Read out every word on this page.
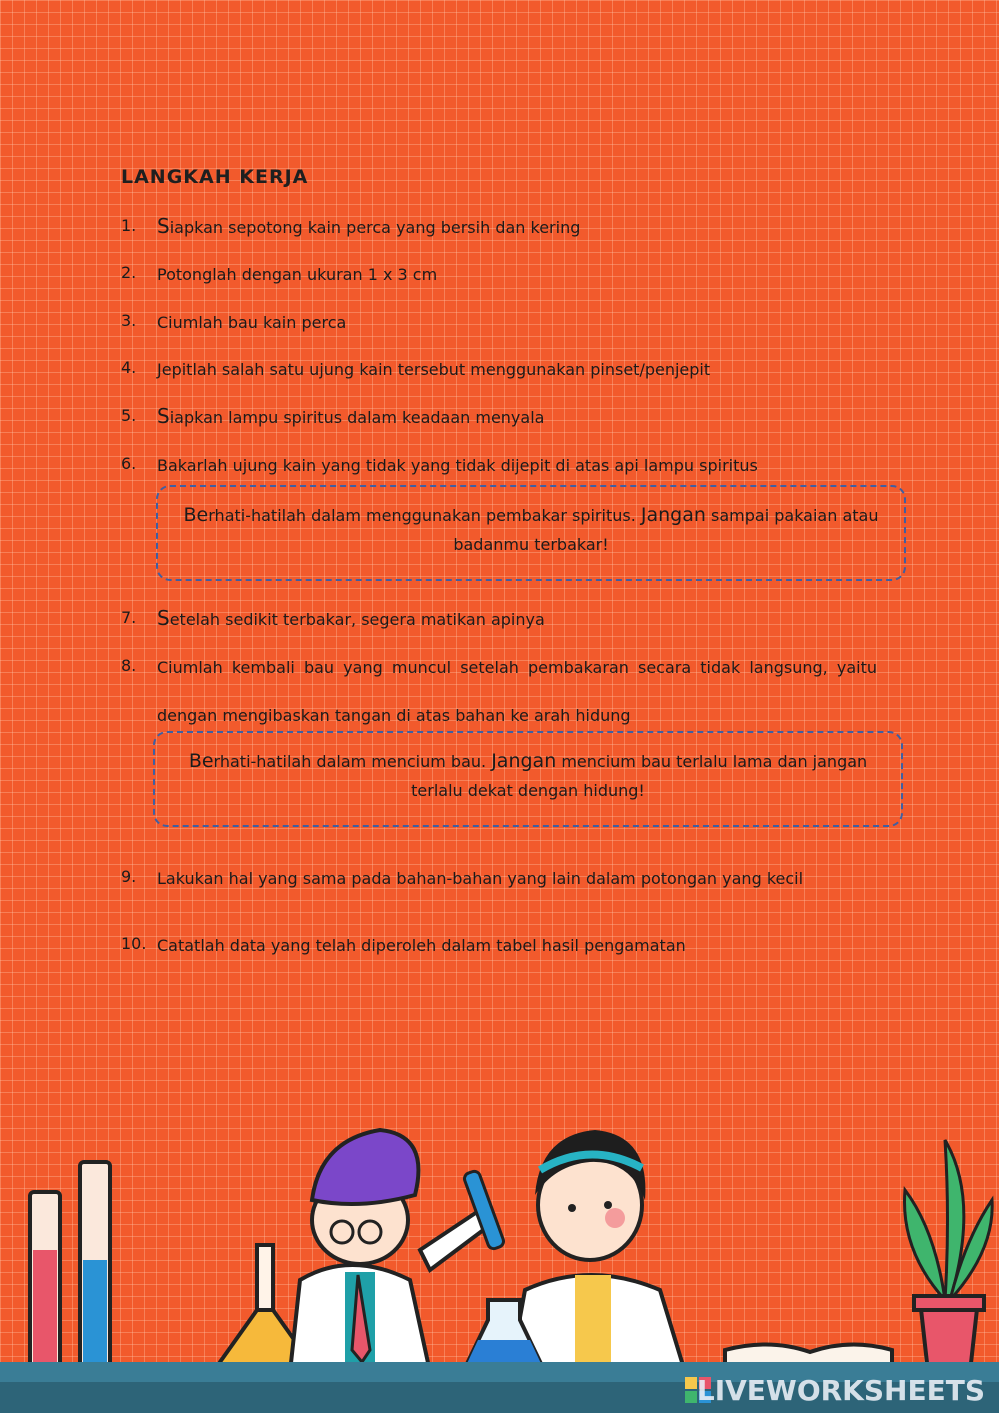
LANGKAH KERJA
1. Siapkan sepotong kain perca yang bersih dan kering
2. Potonglah dengan ukuran 1 x 3 cm
3. Ciumlah bau kain perca
4. Jepitlah salah satu ujung kain tersebut menggunakan pinset/penjepit
5. Siapkan lampu spiritus dalam keadaan menyala
6. Bakarlah ujung kain yang tidak yang tidak dijepit di atas api lampu spiritus
Berhati-hatilah dalam menggunakan pembakar spiritus. Jangan sampai pakaian atau badanmu terbakar!
7. Setelah sedikit terbakar, segera matikan apinya
8. Ciumlah kembali bau yang muncul setelah pembakaran secara tidak langsung, yaitu dengan mengibaskan tangan di atas bahan ke arah hidung
Berhati-hatilah dalam mencium bau. Jangan mencium bau terlalu lama dan jangan terlalu dekat dengan hidung!
9. Lakukan hal yang sama pada bahan-bahan yang lain dalam potongan yang kecil
10. Catatlah data yang telah diperoleh dalam tabel hasil pengamatan
LIVEWORKSHEETS
